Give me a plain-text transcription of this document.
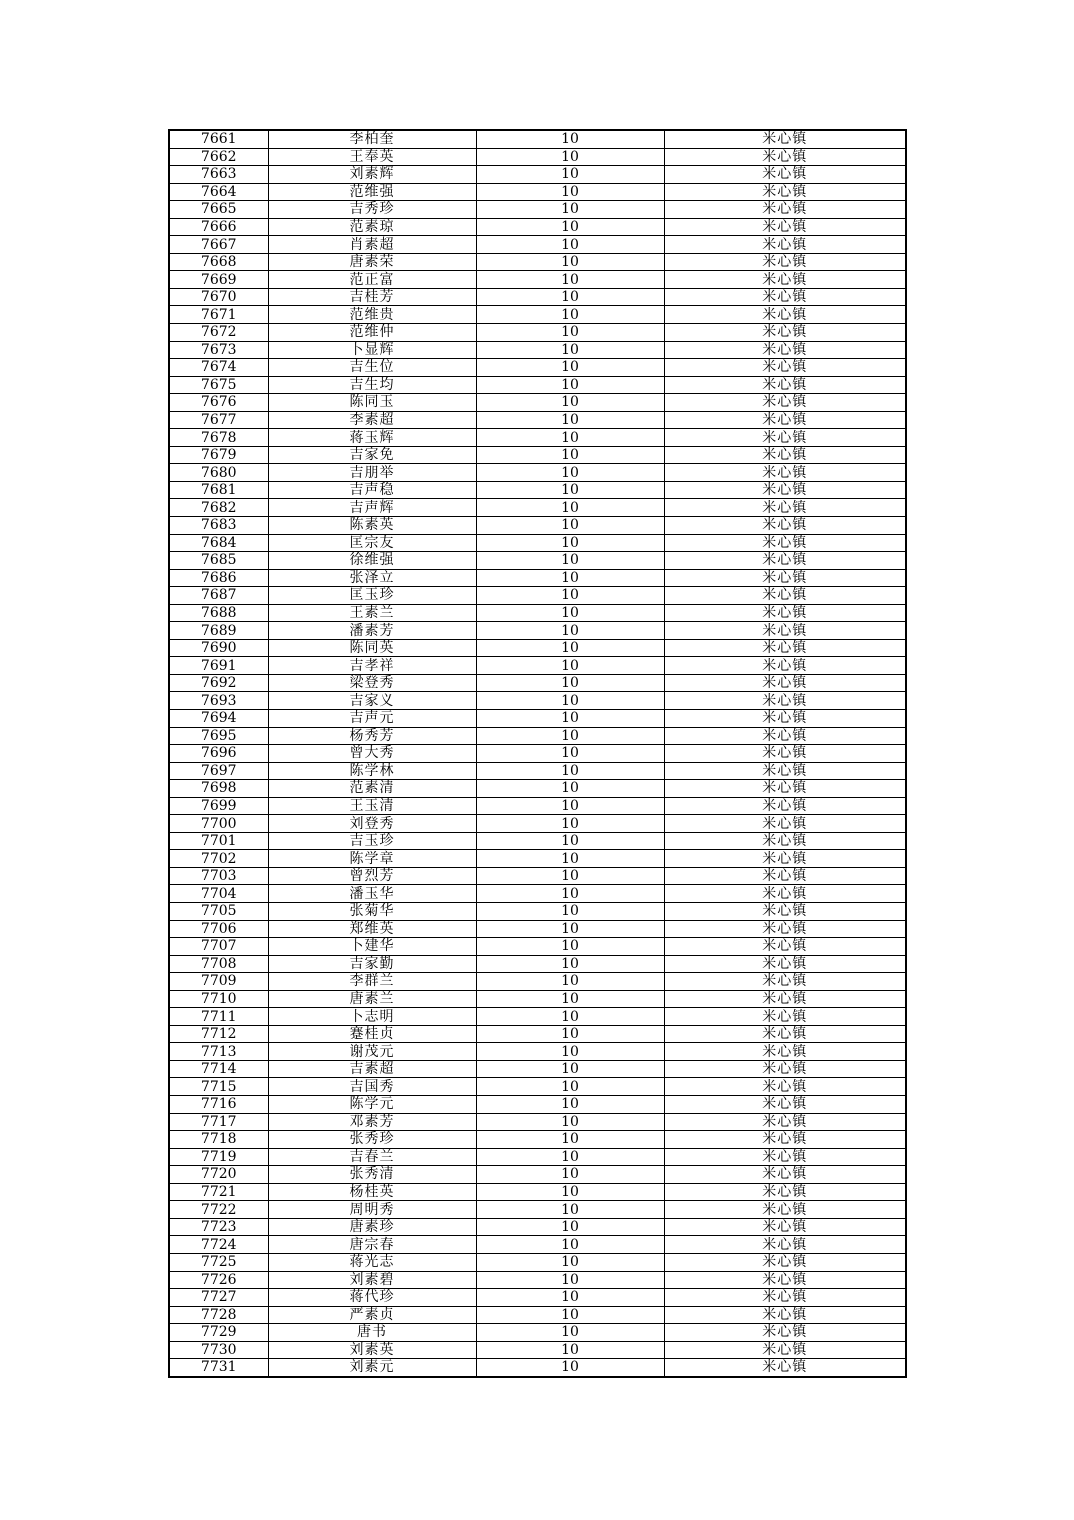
7661	李柏奎	10	米心镇
7662	王奉英	10	米心镇
7663	刘素辉	10	米心镇
7664	范维强	10	米心镇
7665	吉秀珍	10	米心镇
7666	范素琼	10	米心镇
7667	肖素超	10	米心镇
7668	唐素荣	10	米心镇
7669	范正富	10	米心镇
7670	吉桂芳	10	米心镇
7671	范维贵	10	米心镇
7672	范维仲	10	米心镇
7673	卜显辉	10	米心镇
7674	吉生位	10	米心镇
7675	吉生均	10	米心镇
7676	陈同玉	10	米心镇
7677	李素超	10	米心镇
7678	蒋玉辉	10	米心镇
7679	吉家免	10	米心镇
7680	吉朋举	10	米心镇
7681	吉声稳	10	米心镇
7682	吉声辉	10	米心镇
7683	陈素英	10	米心镇
7684	匡宗友	10	米心镇
7685	徐维强	10	米心镇
7686	张泽立	10	米心镇
7687	匡玉珍	10	米心镇
7688	王素兰	10	米心镇
7689	潘素芳	10	米心镇
7690	陈同英	10	米心镇
7691	吉孝祥	10	米心镇
7692	梁登秀	10	米心镇
7693	吉家义	10	米心镇
7694	吉声元	10	米心镇
7695	杨秀芳	10	米心镇
7696	曾大秀	10	米心镇
7697	陈学林	10	米心镇
7698	范素清	10	米心镇
7699	王玉清	10	米心镇
7700	刘登秀	10	米心镇
7701	吉玉珍	10	米心镇
7702	陈学章	10	米心镇
7703	曾烈芳	10	米心镇
7704	潘玉华	10	米心镇
7705	张菊华	10	米心镇
7706	郑维英	10	米心镇
7707	卜建华	10	米心镇
7708	吉家勤	10	米心镇
7709	李群兰	10	米心镇
7710	唐素兰	10	米心镇
7711	卜志明	10	米心镇
7712	蹇桂贞	10	米心镇
7713	谢茂元	10	米心镇
7714	吉素超	10	米心镇
7715	吉国秀	10	米心镇
7716	陈学元	10	米心镇
7717	邓素芳	10	米心镇
7718	张秀珍	10	米心镇
7719	吉春兰	10	米心镇
7720	张秀清	10	米心镇
7721	杨桂英	10	米心镇
7722	周明秀	10	米心镇
7723	唐素珍	10	米心镇
7724	唐宗春	10	米心镇
7725	蒋光志	10	米心镇
7726	刘素碧	10	米心镇
7727	蒋代珍	10	米心镇
7728	严素贞	10	米心镇
7729	唐书	10	米心镇
7730	刘素英	10	米心镇
7731	刘素元	10	米心镇
